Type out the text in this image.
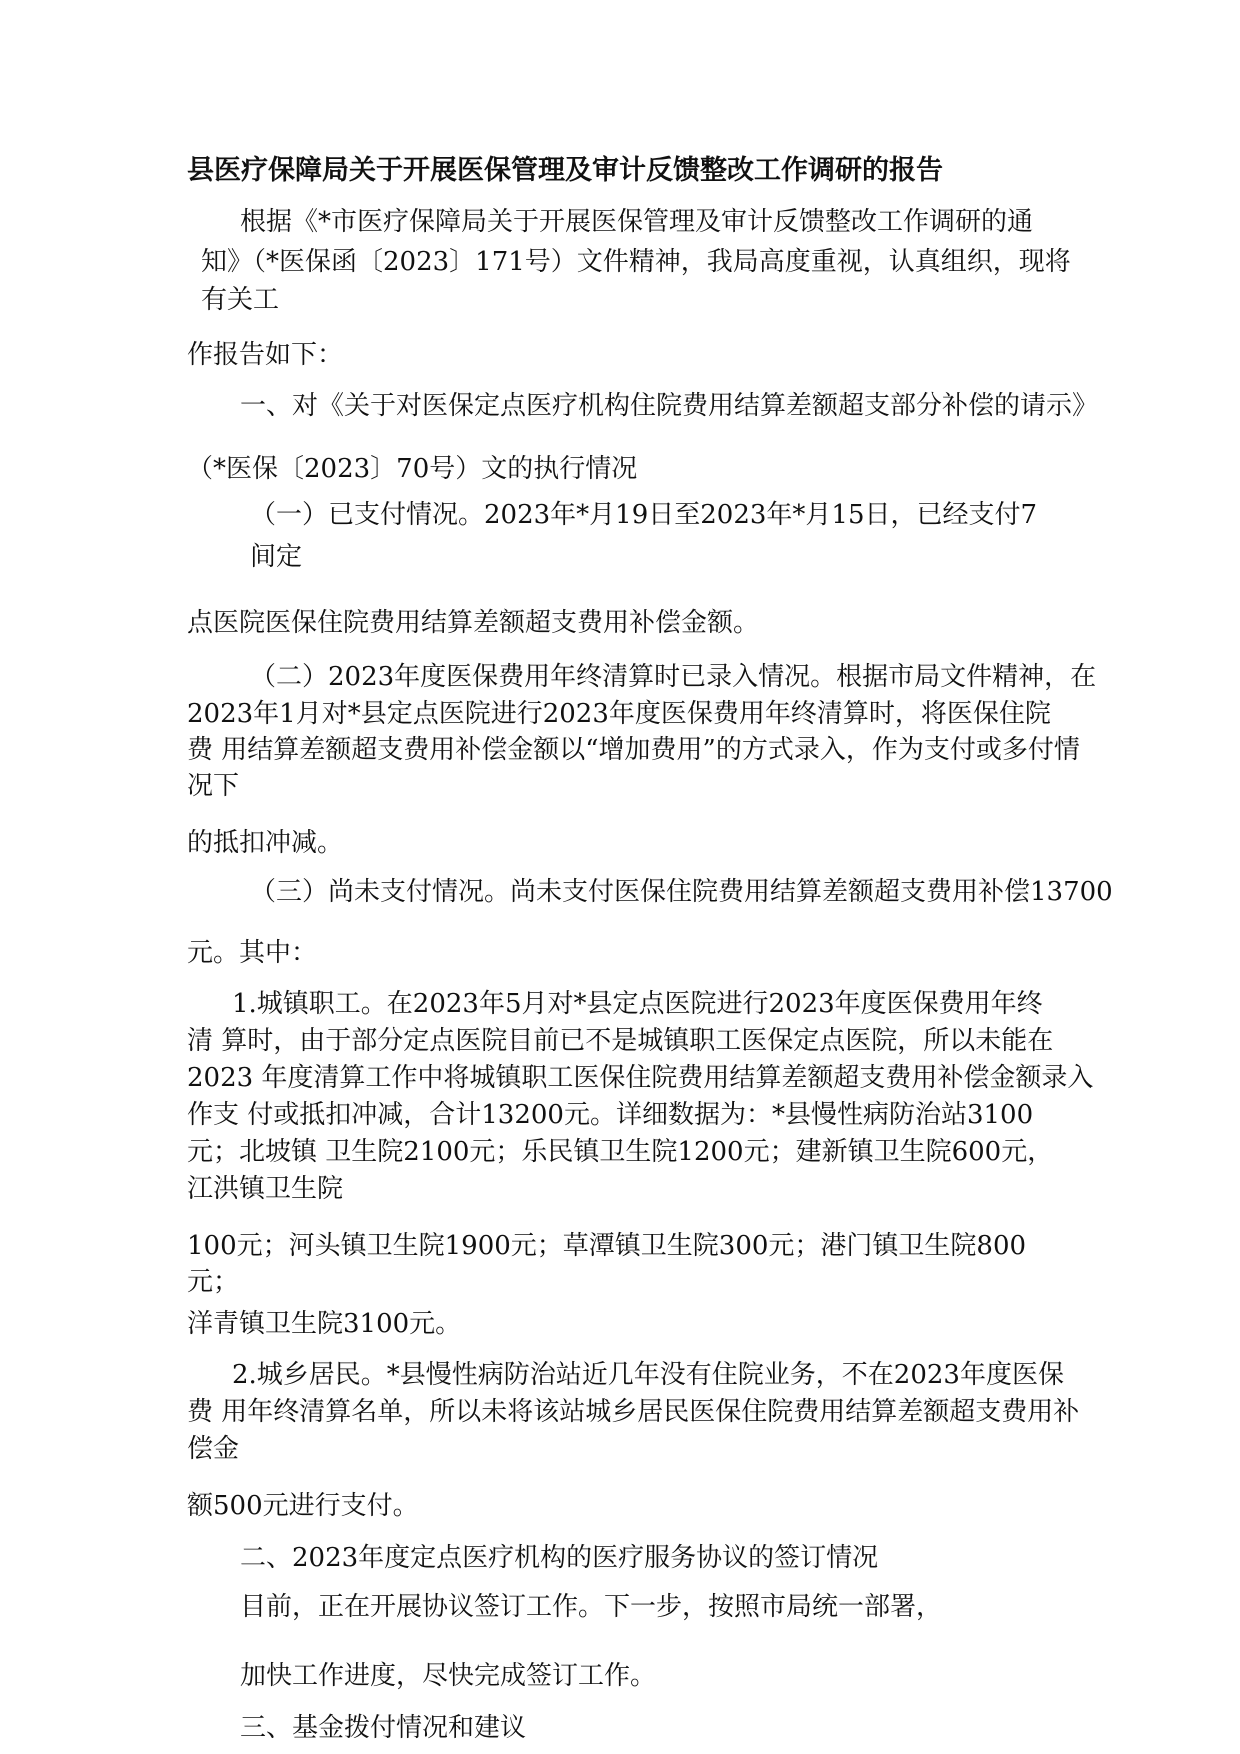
县医疗保障局关于开展医保管理及审计反馈整改工作调研的报告
根据《*市医疗保障局关于开展医保管理及审计反馈整改工作调研的通
知》（*医保函〔2023〕171号）文件精神，我局高度重视，认真组织，现将
有关工
作报告如下：
一、对《关于对医保定点医疗机构住院费用结算差额超支部分补偿的请示》
（*医保〔2023〕70号）文的执行情况
（一）已支付情况。2023年*月19日至2023年*月15日，已经支付7
间定
点医院医保住院费用结算差额超支费用补偿金额。
（二）2023年度医保费用年终清算时已录入情况。根据市局文件精神，在
2023年1月对*县定点医院进行2023年度医保费用年终清算时，将医保住院
费 用结算差额超支费用补偿金额以“增加费用”的方式录入，作为支付或多付情
况下
的抵扣冲减。
（三）尚未支付情况。尚未支付医保住院费用结算差额超支费用补偿13700
元。其中：
1.城镇职工。在2023年5月对*县定点医院进行2023年度医保费用年终
清 算时，由于部分定点医院目前已不是城镇职工医保定点医院，所以未能在
2023 年度清算工作中将城镇职工医保住院费用结算差额超支费用补偿金额录入
作支 付或抵扣冲减，合计13200元。详细数据为：*县慢性病防治站3100
元；北坡镇 卫生院2100元；乐民镇卫生院1200元；建新镇卫生院600元，
江洪镇卫生院
100元；河头镇卫生院1900元；草潭镇卫生院300元；港门镇卫生院800
元；
洋青镇卫生院3100元。
2.城乡居民。*县慢性病防治站近几年没有住院业务，不在2023年度医保
费 用年终清算名单，所以未将该站城乡居民医保住院费用结算差额超支费用补
偿金
额500元进行支付。
二、2023年度定点医疗机构的医疗服务协议的签订情况
目前，正在开展协议签订工作。下一步，按照市局统一部署，
加快工作进度，尽快完成签订工作。
三、基金拨付情况和建议
